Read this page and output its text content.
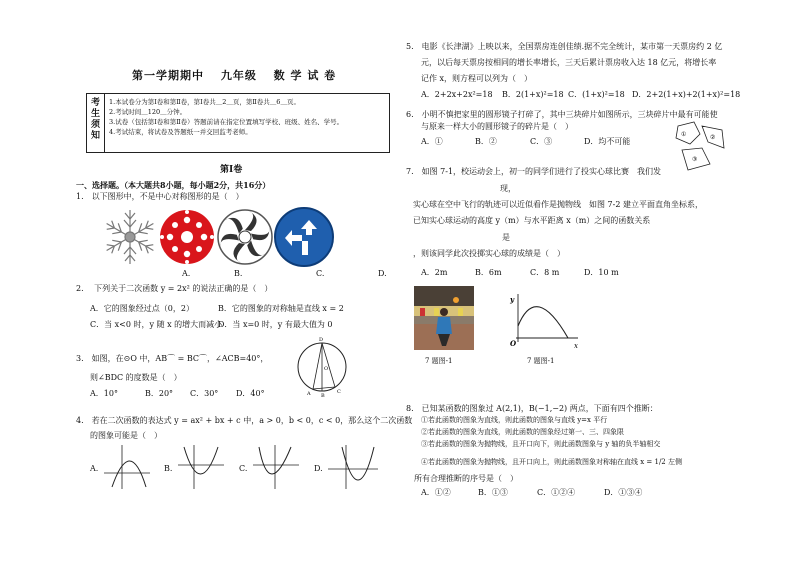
第一学期期中　 九年级　 数 学 试 卷
考
生
须
知
1.本试卷分为第Ⅰ卷和第Ⅱ卷，第Ⅰ卷共＿2＿页，第Ⅱ卷共＿6＿页。
2.考试时间＿120＿分钟。
3.试卷（包括第Ⅰ卷和第Ⅱ卷）答题前请在指定位置填写学校、班级、姓名、学号。
4.考试结束，将试卷及答题纸一并交回监考老师。
第Ⅰ卷
一、选择题。（本大题共8小题，每小题2分，共16分）
1.　以下图形中，不是中心对称图形的是（　）
A.	B.	C.	D.
2.　 下列关于二次函数 y = 2x² 的说法正确的是（　）
A．它的图象经过点（0，2）	B．它的图象的对称轴是直线 x = 2
C．当 x<0 时，y 随 x 的增大而减小
D．当 x=0 时，y 有最大值为 0
3.　如图，在⊙O 中，AB⌒ = BC⌒，∠ACB=40°，
则∠BDC 的度数是（　）
A．10°	B．20° C．30° D．40°
D
A
O
C
B
4.　若在二次函数的表达式 y = ax² + bx + c 中，a > 0，b < 0，c < 0，那么这个二次函数
的图象可能是（　）
A.	B.	C.	D.
5.　电影《长津湖》上映以来，全国票房连创佳绩.据不完全统计，某市第一天票房约 2 亿
元，以后每天票房按相同的增长率增长，三天后累计票房收入达 18 亿元，将增长率
记作 x，则方程可以列为（　）
A．2+2x+2x²=18 B．2(1+x)²=18 C．(1+x)²=18 D．2+2(1+x)+2(1+x)²=18
6.　小明不慎把家里的圆形镜子打碎了，其中三块碎片如图所示，三块碎片中最有可能使
与原来一样大小的圆形镜子的碎片是（　）
A．①	B．②	C．③	D．均不可能
①	②
③
7.　如图 7-1，校运动会上，初一的同学们进行了投实心球比赛　我们发
现，
实心球在空中飞行的轨迹可以近似看作是抛物线　如图 7-2 建立平面直角坐标系，
已知实心球运动的高度 y（m）与水平距离 x（m）之间的函数关系
是
，则该同学此次投掷实心球的成绩是（　）
A．2m	B．6m	C．8 m	D．10 m
7 题图-1
y
x
O
7 题图-1
8.　已知某函数的图象过 A(2,1)，B(−1,−2) 两点，下面有四个推断：
①若此函数的图象为直线，则此函数的图象与直线 y=x 平行
②若此函数的图象为直线，则此函数的图象经过第一、三、四象限
③若此函数的图象为抛物线，且开口向下，则此函数图象与 y 轴的负半轴相交
④若此函数的图象为抛物线，且开口向上，则此函数图象对称轴在直线 x = 1/2 左侧
所有合理推断的序号是（　）
A．①②	B．①③	C．①②④	D．①③④
